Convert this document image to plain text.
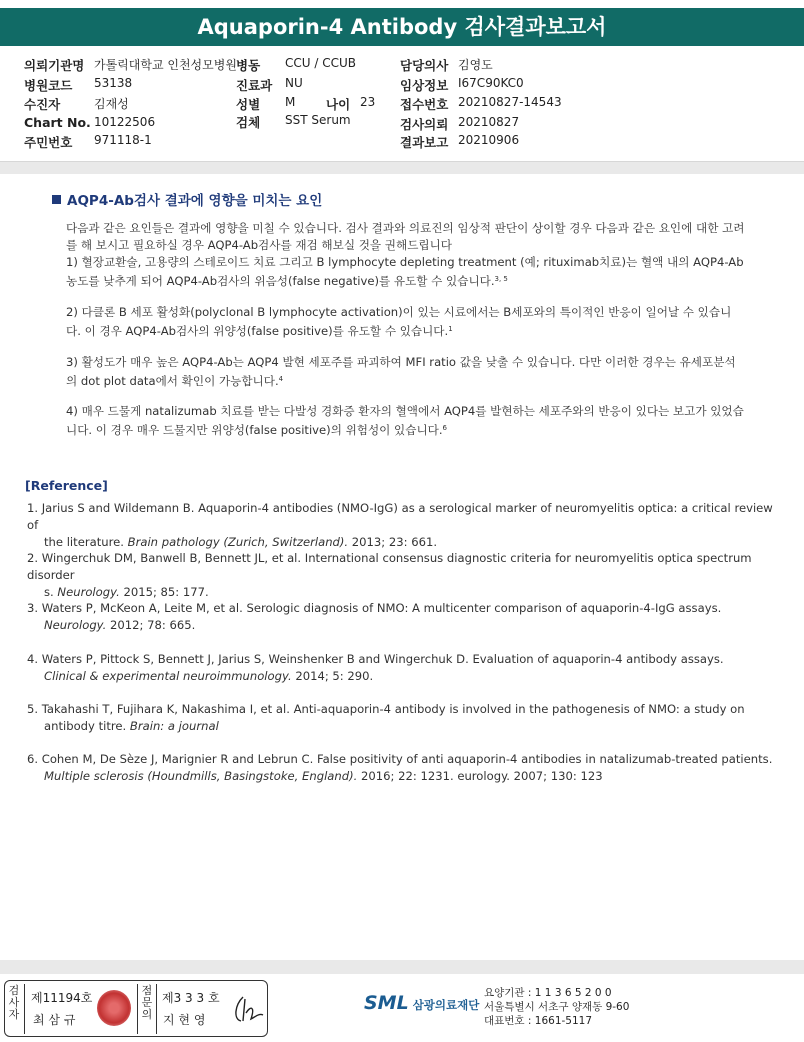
Aquaporin-4 Antibody 검사결과보고서
의뢰기관명 가톨릭대학교 인천성모병원 병동 CCU / CCUB	담당의사 김영도
병원코드 53138	진료과 NU	임상정보 I67C90KC0
수진자	김재성	성별 M 나이 23 접수번호 20210827-14543
Chart No. 10122506	검체 SST Serum	검사의뢰 20210827
주민번호 971118-1	결과보고 20210906
AQP4-Ab검사 결과에 영향을 미치는 요인
다음과 같은 요인들은 결과에 영향을 미칠 수 있습니다. 검사 결과와 의료진의 임상적 판단이 상이할 경우 다음과 같은 요인에 대한 고려를 해 보시고 필요하실 경우 AQP4-Ab검사를 재검 해보실 것을 권해드립니다
1) 혈장교환술, 고용량의 스테로이드 치료 그리고 B lymphocyte depleting treatment (예; rituximab치료)는 혈액 내의 AQP4-Ab농도를 낮추게 되어 AQP4-Ab검사의 위음성(false negative)를 유도할 수 있습니다.$^{3, 5}$
2) 다클론 B 세포 활성화(polyclonal B lymphocyte activation)이 있는 시료에서는 B세포와의 특이적인 반응이 일어날 수 있습니다. 이 경우 AQP4-Ab검사의 위양성(false positive)를 유도할 수 있습니다.$^1$
3) 활성도가 매우 높은 AQP4-Ab는 AQP4 발현 세포주를 파괴하여 MFI ratio 값을 낮출 수 있습니다. 다만 이러한 경우는 유세포분석의 dot plot data에서 확인이 가능합니다.$^4$
4) 매우 드물게 natalizumab 치료를 받는 다발성 경화증 환자의 혈액에서 AQP4를 발현하는 세포주와의 반응이 있다는 보고가 있었습니다. 이 경우 매우 드물지만 위양성(false positive)의 위험성이 있습니다.$^6$
[Reference]
1. Jarius S and Wildemann B. Aquaporin-4 antibodies (NMO-IgG) as a serological marker of neuromyelitis optica: a critical review of
the literature. Brain pathology (Zurich, Switzerland). 2013; 23: 661.
2. Wingerchuk DM, Banwell B, Bennett JL, et al. International consensus diagnostic criteria for neuromyelitis optica spectrum disorder
s. Neurology. 2015; 85: 177.
3. Waters P, McKeon A, Leite M, et al. Serologic diagnosis of NMO: A multicenter comparison of aquaporin-4-IgG assays.
Neurology. 2012; 78: 665.
4. Waters P, Pittock S, Bennett J, Jarius S, Weinshenker B and Wingerchuk D. Evaluation of aquaporin-4 antibody assays.
Clinical & experimental neuroimmunology. 2014; 5: 290.
5. Takahashi T, Fujihara K, Nakashima I, et al. Anti-aquaporin-4 antibody is involved in the pathogenesis of NMO: a study on
antibody titre. Brain: a journal
6. Cohen M, De Sèze J, Marignier R and Lebrun C. False positivity of anti aquaporin-4 antibodies in natalizumab-treated patients.
Multiple sclerosis (Houndmills, Basingstoke, England). 2016; 22: 1231. eurology. 2007; 130: 123
검사자
제11194호
최 삼 규
점문의
제3 3 3 호
지 현 영
SML 삼광의료재단
요양기관 : 1 1 3 6 5 2 0 0
서울특별시 서초구 양재동 9-60
대표번호 : 1661-5117
